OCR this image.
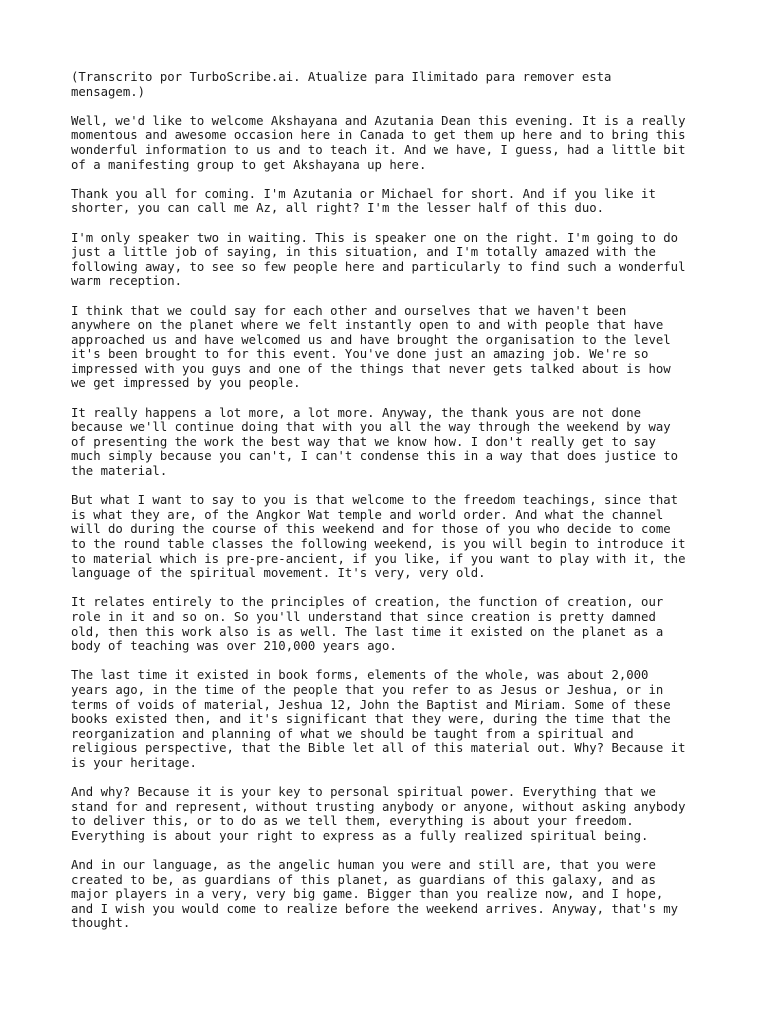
(Transcrito por TurboScribe.ai. Atualize para Ilimitado para remover esta
mensagem.)

Well, we'd like to welcome Akshayana and Azutania Dean this evening. It is a really
momentous and awesome occasion here in Canada to get them up here and to bring this
wonderful information to us and to teach it. And we have, I guess, had a little bit
of a manifesting group to get Akshayana up here.

Thank you all for coming. I'm Azutania or Michael for short. And if you like it
shorter, you can call me Az, all right? I'm the lesser half of this duo.

I'm only speaker two in waiting. This is speaker one on the right. I'm going to do
just a little job of saying, in this situation, and I'm totally amazed with the
following away, to see so few people here and particularly to find such a wonderful
warm reception.

I think that we could say for each other and ourselves that we haven't been
anywhere on the planet where we felt instantly open to and with people that have
approached us and have welcomed us and have brought the organisation to the level
it's been brought to for this event. You've done just an amazing job. We're so
impressed with you guys and one of the things that never gets talked about is how
we get impressed by you people.

It really happens a lot more, a lot more. Anyway, the thank yous are not done
because we'll continue doing that with you all the way through the weekend by way
of presenting the work the best way that we know how. I don't really get to say
much simply because you can't, I can't condense this in a way that does justice to
the material.

But what I want to say to you is that welcome to the freedom teachings, since that
is what they are, of the Angkor Wat temple and world order. And what the channel
will do during the course of this weekend and for those of you who decide to come
to the round table classes the following weekend, is you will begin to introduce it
to material which is pre-pre-ancient, if you like, if you want to play with it, the
language of the spiritual movement. It's very, very old.

It relates entirely to the principles of creation, the function of creation, our
role in it and so on. So you'll understand that since creation is pretty damned
old, then this work also is as well. The last time it existed on the planet as a
body of teaching was over 210,000 years ago.

The last time it existed in book forms, elements of the whole, was about 2,000
years ago, in the time of the people that you refer to as Jesus or Jeshua, or in
terms of voids of material, Jeshua 12, John the Baptist and Miriam. Some of these
books existed then, and it's significant that they were, during the time that the
reorganization and planning of what we should be taught from a spiritual and
religious perspective, that the Bible let all of this material out. Why? Because it
is your heritage.

And why? Because it is your key to personal spiritual power. Everything that we
stand for and represent, without trusting anybody or anyone, without asking anybody
to deliver this, or to do as we tell them, everything is about your freedom.
Everything is about your right to express as a fully realized spiritual being.

And in our language, as the angelic human you were and still are, that you were
created to be, as guardians of this planet, as guardians of this galaxy, and as
major players in a very, very big game. Bigger than you realize now, and I hope,
and I wish you would come to realize before the weekend arrives. Anyway, that's my
thought.
